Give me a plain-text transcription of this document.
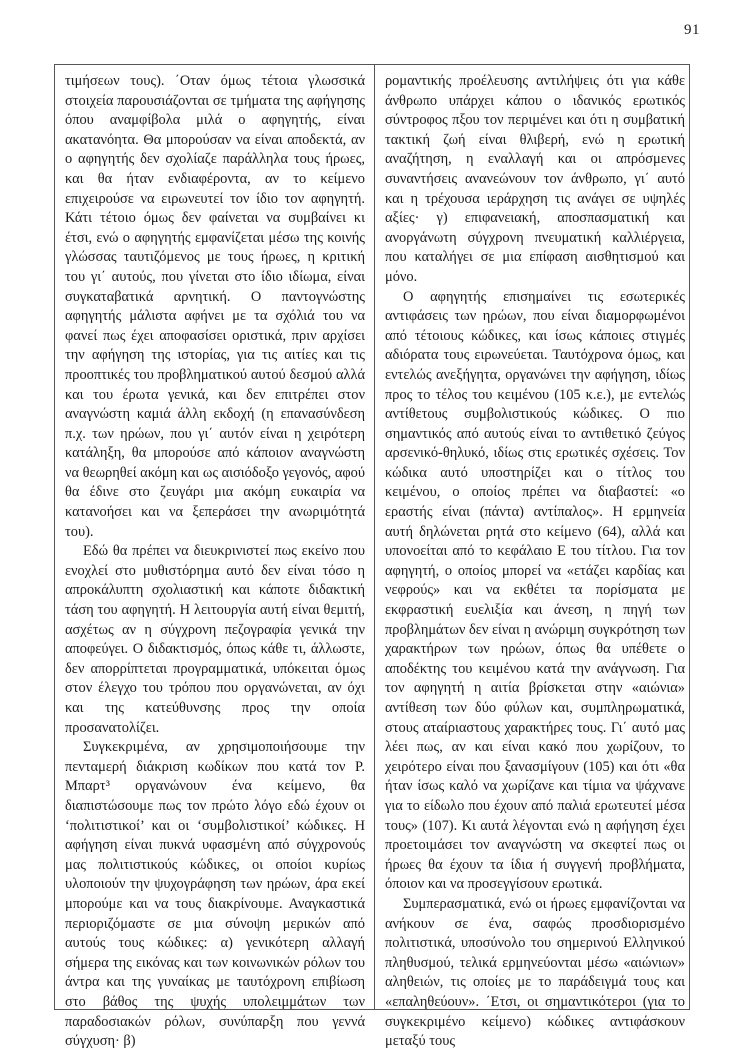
91

τιμήσεων τους). ΄Οταν όμως τέτοια γλωσσικά στοιχεία παρουσιάζονται σε τμήματα της αφήγησης όπου αναμφίβολα μιλά ο αφηγητής, είναι ακατανόητα. Θα μπορούσαν να είναι αποδεκτά, αν ο αφηγητής δεν σχολίαζε παράλληλα τους ήρωες, και θα ήταν ενδιαφέροντα, αν το κείμενο επιχειρούσε να ειρωνευτεί τον ίδιο τον αφηγητή. Κάτι τέτοιο όμως δεν φαίνεται να συμβαίνει κι έτσι, ενώ ο αφηγητής εμφανίζεται μέσω της κοινής γλώσσας ταυτιζόμενος με τους ήρωες, η κριτική του γι΄ αυτούς, που γίνεται στο ίδιο ιδίωμα, είναι συγκαταβατικά αρνητική. Ο παντογνώστης αφηγητής μάλιστα αφήνει με τα σχόλιά του να φανεί πως έχει αποφασίσει οριστικά, πριν αρχίσει την αφήγηση της ιστορίας, για τις αιτίες και τις προοπτικές του προβληματικού αυτού δεσμού αλλά και του έρωτα γενικά, και δεν επιτρέπει στον αναγνώστη καμιά άλλη εκδοχή (η επανασύνδεση π.χ. των ηρώων, που γι΄ αυτόν είναι η χειρότερη κατάληξη, θα μπορούσε από κάποιον αναγνώστη να θεωρηθεί ακόμη και ως αισιόδοξο γεγονός, αφού θα έδινε στο ζευγάρι μια ακόμη ευκαιρία να κατανοήσει και να ξεπεράσει την ανωριμότητά του).

Εδώ θα πρέπει να διευκρινιστεί πως εκείνο που ενοχλεί στο μυθιστόρημα αυτό δεν είναι τόσο η απροκάλυπτη σχολιαστική και κάποτε διδακτική τάση του αφηγητή. Η λειτουργία αυτή είναι θεμιτή, ασχέτως αν η σύγχρονη πεζογραφία γενικά την αποφεύγει. Ο διδακτισμός, όπως κάθε τι, άλλωστε, δεν απορρίπτεται προγραμματικά, υπόκειται όμως στον έλεγχο του τρόπου που οργανώνεται, αν όχι και της κατεύθυνσης προς την οποία προσανατολίζει.

Συγκεκριμένα, αν χρησιμοποιήσουμε την πενταμερή διάκριση κωδίκων που κατά τον Ρ. Μπαρτ³ οργανώνουν ένα κείμενο, θα διαπιστώσουμε πως τον πρώτο λόγο εδώ έχουν οι ‘πολιτιστικοί’ και οι ‘συμβολιστικοί’ κώδικες. Η αφήγηση είναι πυκνά υφασμένη από σύγχρονούς μας πολιτιστικούς κώδικες, οι οποίοι κυρίως υλοποιούν την ψυχογράφηση των ηρώων, άρα εκεί μπορούμε και να τους διακρίνουμε. Αναγκαστικά περιοριζόμαστε σε μια σύνοψη μερικών από αυτούς τους κώδικες: α) γενικότερη αλλαγή σήμερα της εικόνας και των κοινωνικών ρόλων του άντρα και της γυναίκας με ταυτόχρονη επιβίωση στο βάθος της ψυχής υπολειμμάτων των παραδοσιακών ρόλων, συνύπαρξη που γεννά σύγχυση· β)

ρομαντικής προέλευσης αντιλήψεις ότι για κάθε άνθρωπο υπάρχει κάπου ο ιδανικός ερωτικός σύντροφος πξου τον περιμένει και ότι η συμβατική τακτική ζωή είναι θλιβερή, ενώ η ερωτική αναζήτηση, η εναλλαγή και οι απρόσμενες συναντήσεις ανανεώνουν τον άνθρωπο, γι΄ αυτό και η τρέχουσα ιεράρχηση τις ανάγει σε υψηλές αξίες· γ) επιφανειακή, αποσπασματική και ανοργάνωτη σύγχρονη πνευματική καλλιέργεια, που καταλήγει σε μια επίφαση αισθητισμού και μόνο.

Ο αφηγητής επισημαίνει τις εσωτερικές αντιφάσεις των ηρώων, που είναι διαμορφωμένοι από τέτοιους κώδικες, και ίσως κάποιες στιγμές αδιόρατα τους ειρωνεύεται. Ταυτόχρονα όμως, και εντελώς ανεξήγητα, οργανώνει την αφήγηση, ιδίως προς το τέλος του κειμένου (105 κ.ε.), με εντελώς αντίθετους συμβολιστικούς κώδικες. Ο πιο σημαντικός από αυτούς είναι το αντιθετικό ζεύγος αρσενικό-θηλυκό, ιδίως στις ερωτικές σχέσεις. Τον κώδικα αυτό υποστηρίζει και ο τίτλος του κειμένου, ο οποίος πρέπει να διαβαστεί: «ο εραστής είναι (πάντα) αντίπαλος». Η ερμηνεία αυτή δηλώνεται ρητά στο κείμενο (64), αλλά και υπονοείται από το κεφάλαιο Ε του τίτλου. Για τον αφηγητή, ο οποίος μπορεί να «ετάζει καρδίας και νεφρούς» και να εκθέτει τα πορίσματα με εκφραστική ευελιξία και άνεση, η πηγή των προβλημάτων δεν είναι η ανώριμη συγκρότηση των χαρακτήρων των ηρώων, όπως θα υπέθετε ο αποδέκτης του κειμένου κατά την ανάγνωση. Για τον αφηγητή η αιτία βρίσκεται στην «αιώνια» αντίθεση των δύο φύλων και, συμπληρωματικά, στους αταίριαστους χαρακτήρες τους. Γι΄ αυτό μας λέει πως, αν και είναι κακό που χωρίζουν, το χειρότερο είναι που ξανασμίγουν (105) και ότι «θα ήταν ίσως καλό να χωρίζανε και τίμια να ψάχνανε για το είδωλο που έχουν από παλιά ερωτευτεί μέσα τους» (107). Κι αυτά λέγονται ενώ η αφήγηση έχει προετοιμάσει τον αναγνώστη να σκεφτεί πως οι ήρωες θα έχουν τα ίδια ή συγγενή προβλήματα, όποιον και να προσεγγίσουν ερωτικά.

Συμπερασματικά, ενώ οι ήρωες εμφανίζονται να ανήκουν σε ένα, σαφώς προσδιορισμένο πολιτιστικά, υποσύνολο του σημερινού Ελληνικού πληθυσμού, τελικά ερμηνεύονται μέσω «αιώνιων» αληθειών, τις οποίες με το παράδειγμά τους και «επαληθεύουν». ΄Ετσι, οι σημαντικότεροι (για το συγκεκριμένο κείμενο) κώδικες αντιφάσκουν μεταξύ τους
